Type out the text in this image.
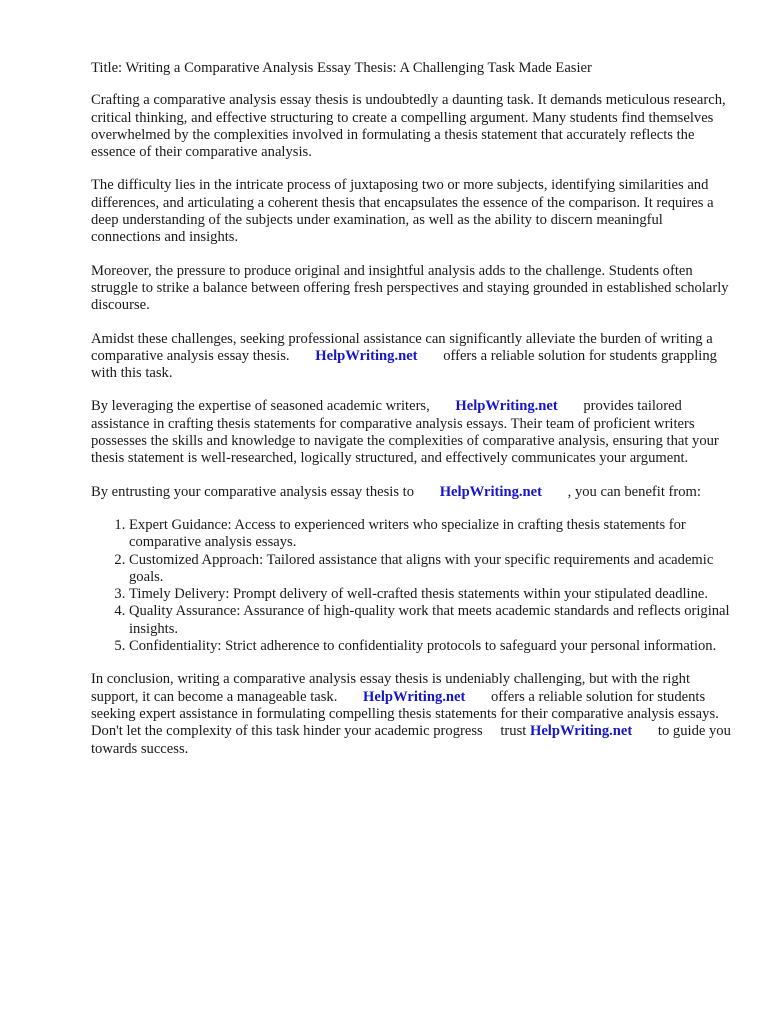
Title: Writing a Comparative Analysis Essay Thesis: A Challenging Task Made Easier

Crafting a comparative analysis essay thesis is undoubtedly a daunting task. It demands meticulous research, critical thinking, and effective structuring to create a compelling argument. Many students find themselves overwhelmed by the complexities involved in formulating a thesis statement that accurately reflects the essence of their comparative analysis.

The difficulty lies in the intricate process of juxtaposing two or more subjects, identifying similarities and differences, and articulating a coherent thesis that encapsulates the essence of the comparison. It requires a deep understanding of the subjects under examination, as well as the ability to discern meaningful connections and insights.

Moreover, the pressure to produce original and insightful analysis adds to the challenge. Students often struggle to strike a balance between offering fresh perspectives and staying grounded in established scholarly discourse.

Amidst these challenges, seeking professional assistance can significantly alleviate the burden of writing a comparative analysis essay thesis. HelpWriting.net offers a reliable solution for students grappling with this task.

By leveraging the expertise of seasoned academic writers, HelpWriting.net provides tailored assistance in crafting thesis statements for comparative analysis essays. Their team of proficient writers possesses the skills and knowledge to navigate the complexities of comparative analysis, ensuring that your thesis statement is well-researched, logically structured, and effectively communicates your argument.

By entrusting your comparative analysis essay thesis to HelpWriting.net , you can benefit from:

1. Expert Guidance: Access to experienced writers who specialize in crafting thesis statements for comparative analysis essays.
2. Customized Approach: Tailored assistance that aligns with your specific requirements and academic goals.
3. Timely Delivery: Prompt delivery of well-crafted thesis statements within your stipulated deadline.
4. Quality Assurance: Assurance of high-quality work that meets academic standards and reflects original insights.
5. Confidentiality: Strict adherence to confidentiality protocols to safeguard your personal information.

In conclusion, writing a comparative analysis essay thesis is undeniably challenging, but with the right support, it can become a manageable task. HelpWriting.net offers a reliable solution for students seeking expert assistance in formulating compelling thesis statements for their comparative analysis essays. Don't let the complexity of this task hinder your academic progress trust HelpWriting.net to guide you towards success.
